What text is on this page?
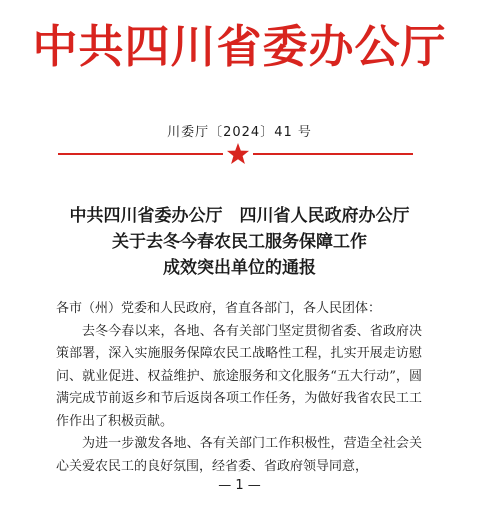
中共四川省委办公厅
川委厅〔2024〕41 号
中共四川省委办公厅　四川省人民政府办公厅
关于去冬今春农民工服务保障工作
成效突出单位的通报

各市（州）党委和人民政府，省直各部门，各人民团体：

去冬今春以来，各地、各有关部门坚定贯彻省委、省政府决策部署，深入实施服务保障农民工战略性工程，扎实开展走访慰问、就业促进、权益维护、旅途服务和文化服务“五大行动”，圆满完成节前返乡和节后返岗各项工作任务，为做好我省农民工工作作出了积极贡献。

为进一步激发各地、各有关部门工作积极性，营造全社会关心关爱农民工的良好氛围，经省委、省政府领导同意，

— 1 —
